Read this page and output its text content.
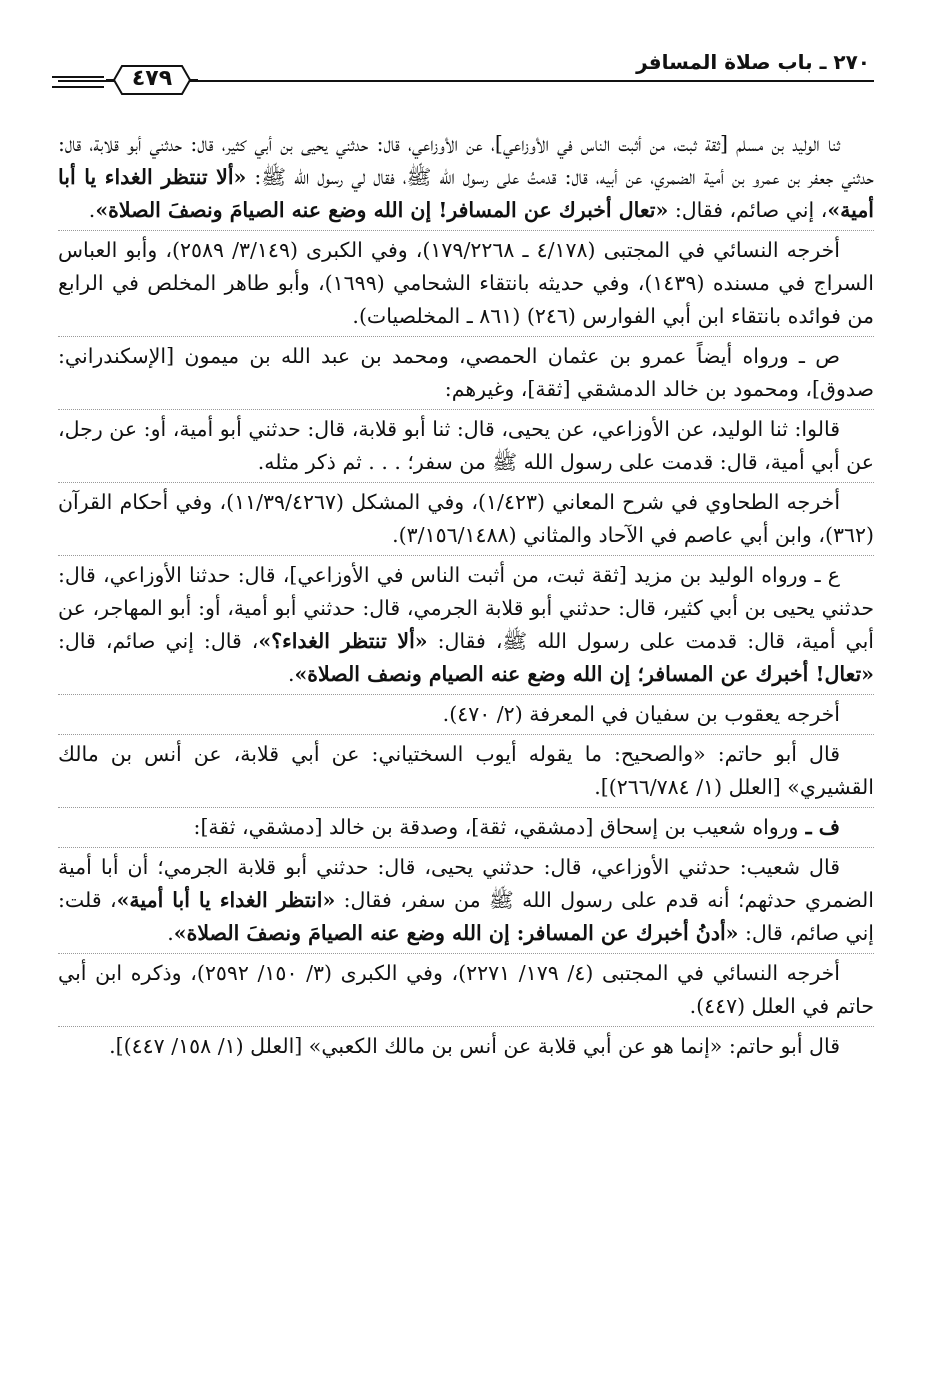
٢٧٠ ـ باب صلاة المسافر
٤٧٩

ثنا الوليد بن مسلم [ثقة ثبت، من أثبت الناس في الأوزاعي]، عن الأوزاعي، قال: حدثني يحيى بن أبي كثير، قال: حدثني أبو قلابة، قال: حدثني جعفر بن عمرو بن أمية الضمري، عن أبيه، قال: قدمتُ على رسول الله ﷺ، فقال لي رسول الله ﷺ: «ألا تنتظر الغداء يا أبا أمية»، إني صائم، فقال: «تعال أخبرك عن المسافر! إن الله وضع عنه الصيامَ ونصفَ الصلاة».

أخرجه النسائي في المجتبى (٤/١٧٨ ـ ١٧٩/٢٢٦٨)، وفي الكبرى (٣/١٤٩/ ٢٥٨٩)، وأبو العباس السراج في مسنده (١٤٣٩)، وفي حديثه بانتقاء الشحامي (١٦٩٩)، وأبو طاهر المخلص في الرابع من فوائده بانتقاء ابن أبي الفوارس (٢٤٦) (٨٦١ ـ المخلصيات).

ص ـ ورواه أيضاً عمرو بن عثمان الحمصي، ومحمد بن عبد الله بن ميمون [الإسكندراني: صدوق]، ومحمود بن خالد الدمشقي [ثقة]، وغيرهم:

قالوا: ثنا الوليد، عن الأوزاعي، عن يحيى، قال: ثنا أبو قلابة، قال: حدثني أبو أمية، أو: عن رجل، عن أبي أمية، قال: قدمت على رسول الله ﷺ من سفر؛ . . . ثم ذكر مثله.

أخرجه الطحاوي في شرح المعاني (١/٤٢٣)، وفي المشكل (١١/٣٩/٤٢٦٧)، وفي أحكام القرآن (٣٦٢)، وابن أبي عاصم في الآحاد والمثاني (٣/١٥٦/١٤٨٨).

ع ـ ورواه الوليد بن مزيد [ثقة ثبت، من أثبت الناس في الأوزاعي]، قال: حدثنا الأوزاعي، قال: حدثني يحيى بن أبي كثير، قال: حدثني أبو قلابة الجرمي، قال: حدثني أبو أمية، أو: أبو المهاجر، عن أبي أمية، قال: قدمت على رسول الله ﷺ، فقال: «ألا تنتظر الغداء؟»، قال: إني صائم، قال: «تعال! أخبرك عن المسافر؛ إن الله وضع عنه الصيام ونصف الصلاة».

أخرجه يعقوب بن سفيان في المعرفة (٢/ ٤٧٠).

قال أبو حاتم: «والصحيح: ما يقوله أيوب السختياني: عن أبي قلابة، عن أنس بن مالك القشيري» [العلل (١/ ٢٦٦/٧٨٤)].

ف ـ ورواه شعيب بن إسحاق [دمشقي، ثقة]، وصدقة بن خالد [دمشقي، ثقة]:

قال شعيب: حدثني الأوزاعي، قال: حدثني يحيى، قال: حدثني أبو قلابة الجرمي؛ أن أبا أمية الضمري حدثهم؛ أنه قدم على رسول الله ﷺ من سفر، فقال: «انتظر الغداء يا أبا أمية»، قلت: إني صائم، قال: «أدنُ أخبرك عن المسافر: إن الله وضع عنه الصيامَ ونصفَ الصلاة».

أخرجه النسائي في المجتبى (٤/ ١٧٩/ ٢٢٧١)، وفي الكبرى (٣/ ١٥٠/ ٢٥٩٢)، وذكره ابن أبي حاتم في العلل (٤٤٧).

قال أبو حاتم: «إنما هو عن أبي قلابة عن أنس بن مالك الكعبي» [العلل (١/ ١٥٨/ ٤٤٧)].
